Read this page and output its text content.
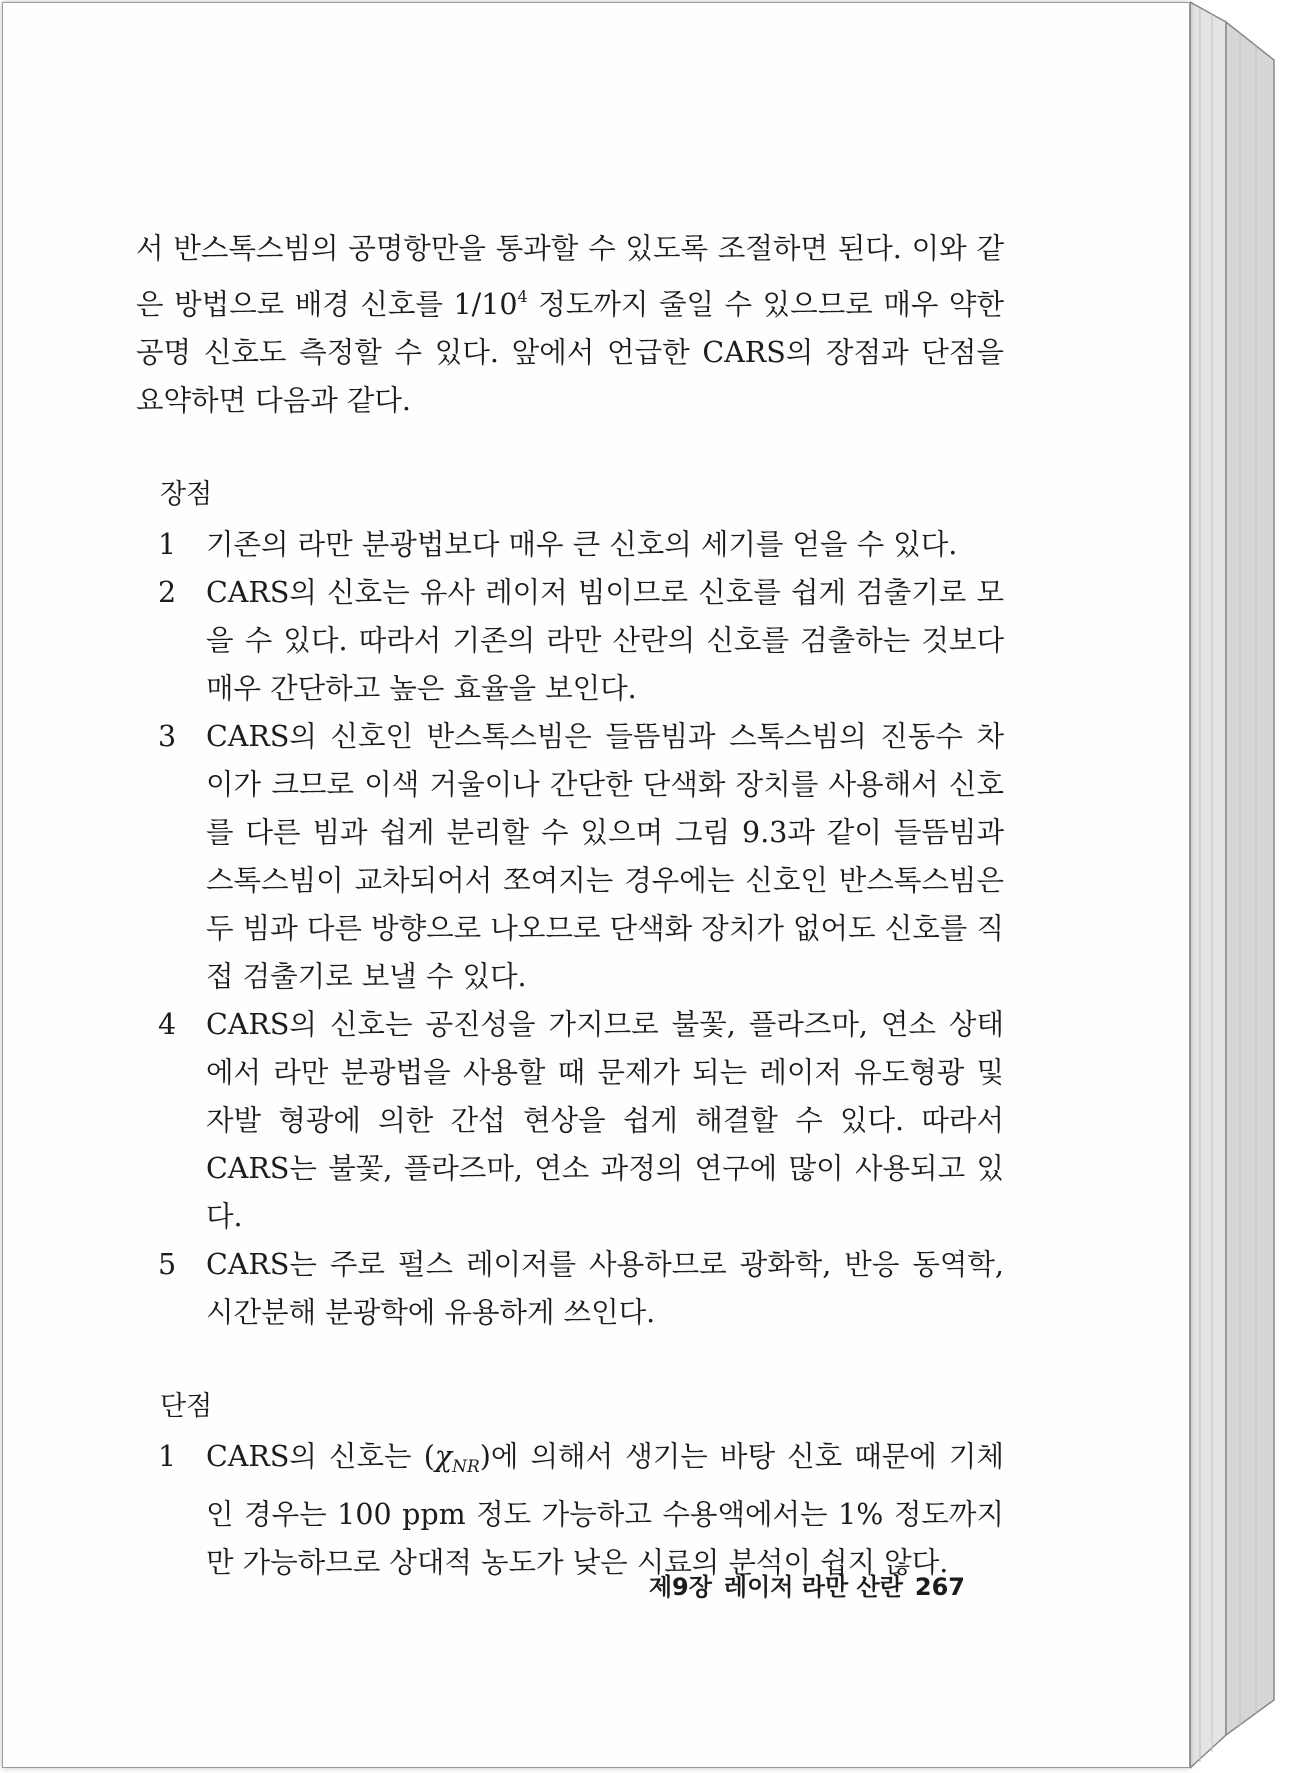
서 반스톡스빔의 공명항만을 통과할 수 있도록 조절하면 된다. 이와 같은 방법으로 배경 신호를 $1/10^4$ 정도까지 줄일 수 있으므로 매우 약한 공명 신호도 측정할 수 있다. 앞에서 언급한 CARS의 장점과 단점을 요약하면 다음과 같다.

장점
1 기존의 라만 분광법보다 매우 큰 신호의 세기를 얻을 수 있다.
2 CARS의 신호는 유사 레이저 빔이므로 신호를 쉽게 검출기로 모을 수 있다. 따라서 기존의 라만 산란의 신호를 검출하는 것보다 매우 간단하고 높은 효율을 보인다.
3 CARS의 신호인 반스톡스빔은 들뜸빔과 스톡스빔의 진동수 차이가 크므로 이색 거울이나 간단한 단색화 장치를 사용해서 신호를 다른 빔과 쉽게 분리할 수 있으며 그림 9.3과 같이 들뜸빔과 스톡스빔이 교차되어서 쪼여지는 경우에는 신호인 반스톡스빔은 두 빔과 다른 방향으로 나오므로 단색화 장치가 없어도 신호를 직접 검출기로 보낼 수 있다.
4 CARS의 신호는 공진성을 가지므로 불꽃, 플라즈마, 연소 상태에서 라만 분광법을 사용할 때 문제가 되는 레이저 유도형광 및 자발 형광에 의한 간섭 현상을 쉽게 해결할 수 있다. 따라서 CARS는 불꽃, 플라즈마, 연소 과정의 연구에 많이 사용되고 있다.
5 CARS는 주로 펄스 레이저를 사용하므로 광화학, 반응 동역학, 시간분해 분광학에 유용하게 쓰인다.
단점
1 CARS의 신호는 $(\chi_{NR})$에 의해서 생기는 바탕 신호 때문에 기체인 경우는 100 ppm 정도 가능하고 수용액에서는 1% 정도까지만 가능하므로 상대적 농도가 낮은 시료의 분석이 쉽지 않다.
제9장 레이저 라만 산란 267
